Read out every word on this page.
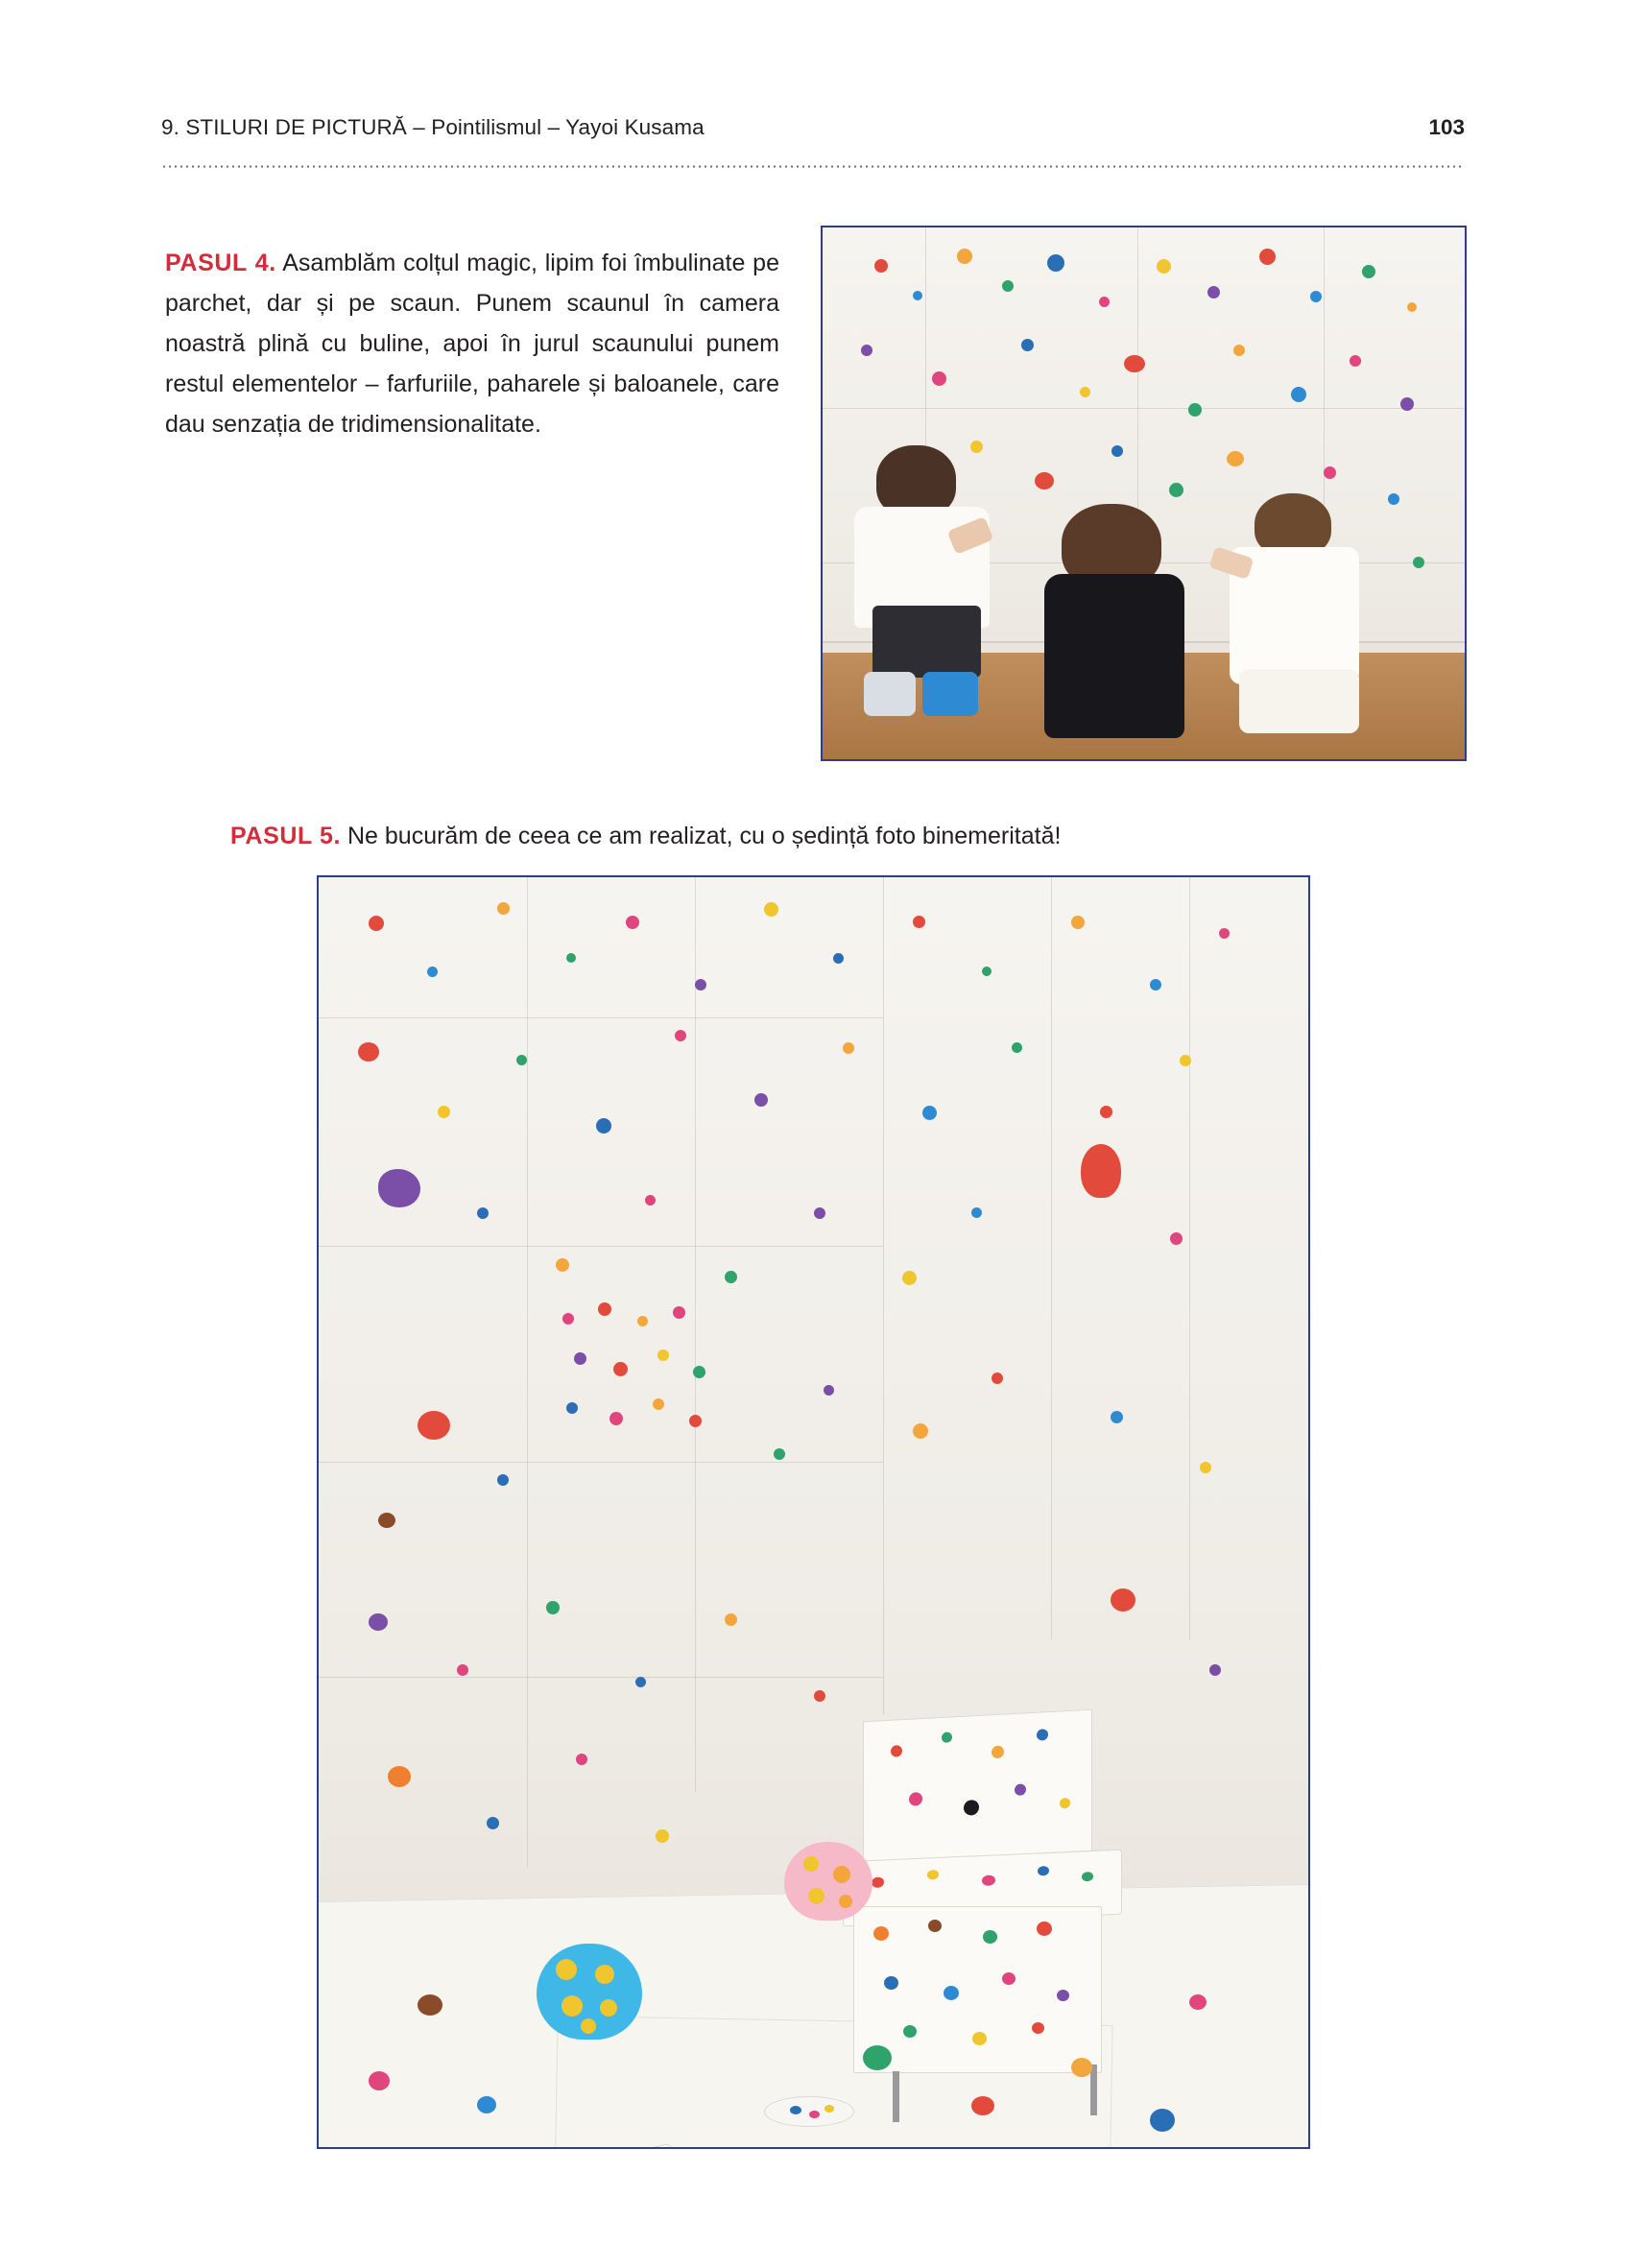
9. STILURI DE PICTURĂ – Pointilismul – Yayoi Kusama	103

PASUL 4. Asamblăm colțul magic, lipim foi îmbulinate pe parchet, dar și pe scaun. Punem scaunul în camera noastră plină cu buline, apoi în jurul scaunului punem restul elementelor – farfuriile, paharele și baloanele, care dau senzația de tridimensionalitate.

PASUL 5. Ne bucurăm de ceea ce am realizat, cu o ședință foto binemeritată!
